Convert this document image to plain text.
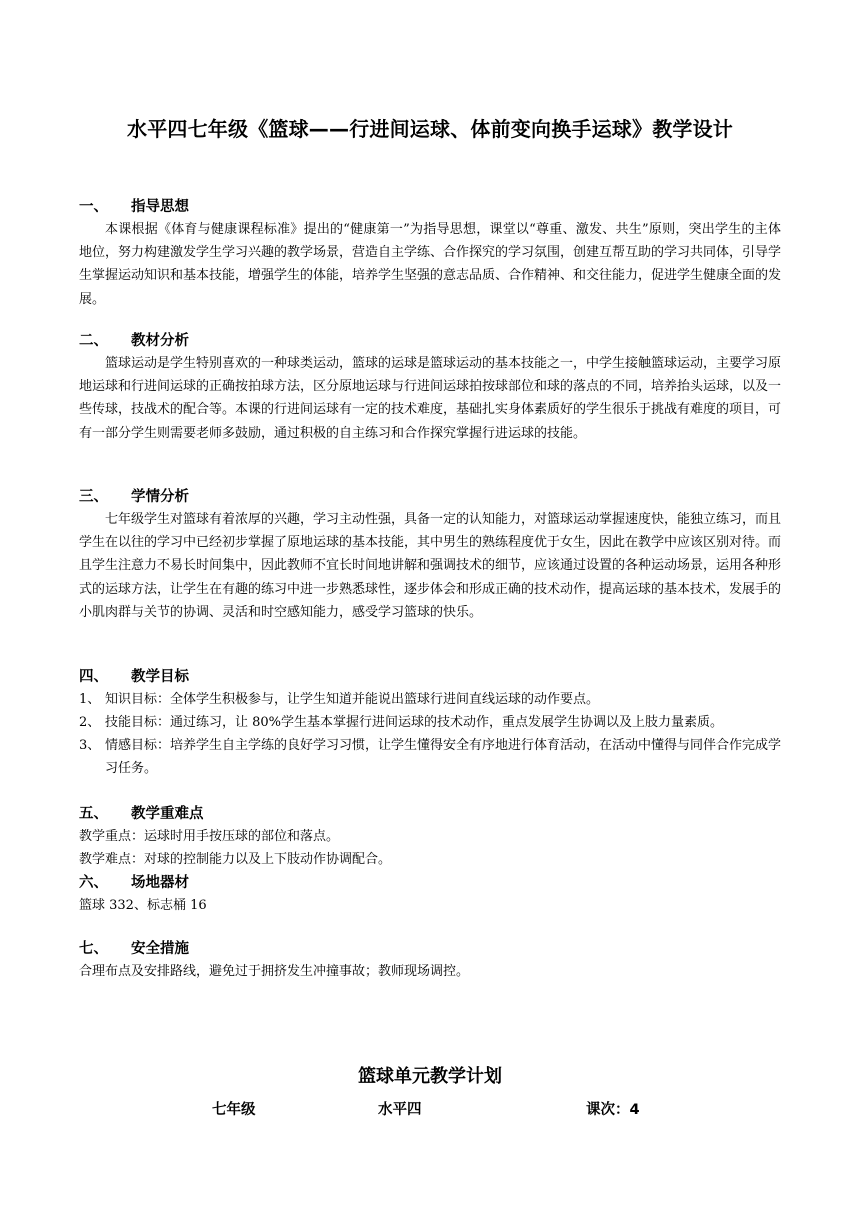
水平四七年级《篮球——行进间运球、体前变向换手运球》教学设计
一、 指导思想

本课根据《体育与健康课程标准》提出的“健康第一”为指导思想，课堂以“尊重、激发、共生”原则，突出学生的主体地位，努力构建激发学生学习兴趣的教学场景，营造自主学练、合作探究的学习氛围，创建互帮互助的学习共同体，引导学生掌握运动知识和基本技能，增强学生的体能，培养学生坚强的意志品质、合作精神、和交往能力，促进学生健康全面的发展。

二、 教材分析

篮球运动是学生特别喜欢的一种球类运动，篮球的运球是篮球运动的基本技能之一，中学生接触篮球运动，主要学习原地运球和行进间运球的正确按拍球方法，区分原地运球与行进间运球拍按球部位和球的落点的不同，培养抬头运球，以及一些传球，技战术的配合等。本课的行进间运球有一定的技术难度，基础扎实身体素质好的学生很乐于挑战有难度的项目，可有一部分学生则需要老师多鼓励，通过积极的自主练习和合作探究掌握行进运球的技能。

三、 学情分析

七年级学生对篮球有着浓厚的兴趣，学习主动性强，具备一定的认知能力，对篮球运动掌握速度快，能独立练习，而且学生在以往的学习中已经初步掌握了原地运球的基本技能，其中男生的熟练程度优于女生，因此在教学中应该区别对待。而且学生注意力不易长时间集中，因此教师不宜长时间地讲解和强调技术的细节，应该通过设置的各种运动场景，运用各种形式的运球方法，让学生在有趣的练习中进一步熟悉球性，逐步体会和形成正确的技术动作，提高运球的基本技术，发展手的小肌肉群与关节的协调、灵活和时空感知能力，感受学习篮球的快乐。

四、 教学目标
1、 知识目标：全体学生积极参与，让学生知道并能说出篮球行进间直线运球的动作要点。
2、 技能目标：通过练习，让 80%学生基本掌握行进间运球的技术动作，重点发展学生协调以及上肢力量素质。
3、 情感目标：培养学生自主学练的良好学习习惯，让学生懂得安全有序地进行体育活动，在活动中懂得与同伴合作完成学习任务。
五、 教学重难点

教学重点：运球时用手按压球的部位和落点。

教学难点：对球的控制能力以及上下肢动作协调配合。

六、 场地器材

篮球 332、标志桶 16

七、 安全措施

合理布点及安排路线，避免过于拥挤发生冲撞事故；教师现场调控。

篮球单元教学计划
七年级	水平四	课次：4
